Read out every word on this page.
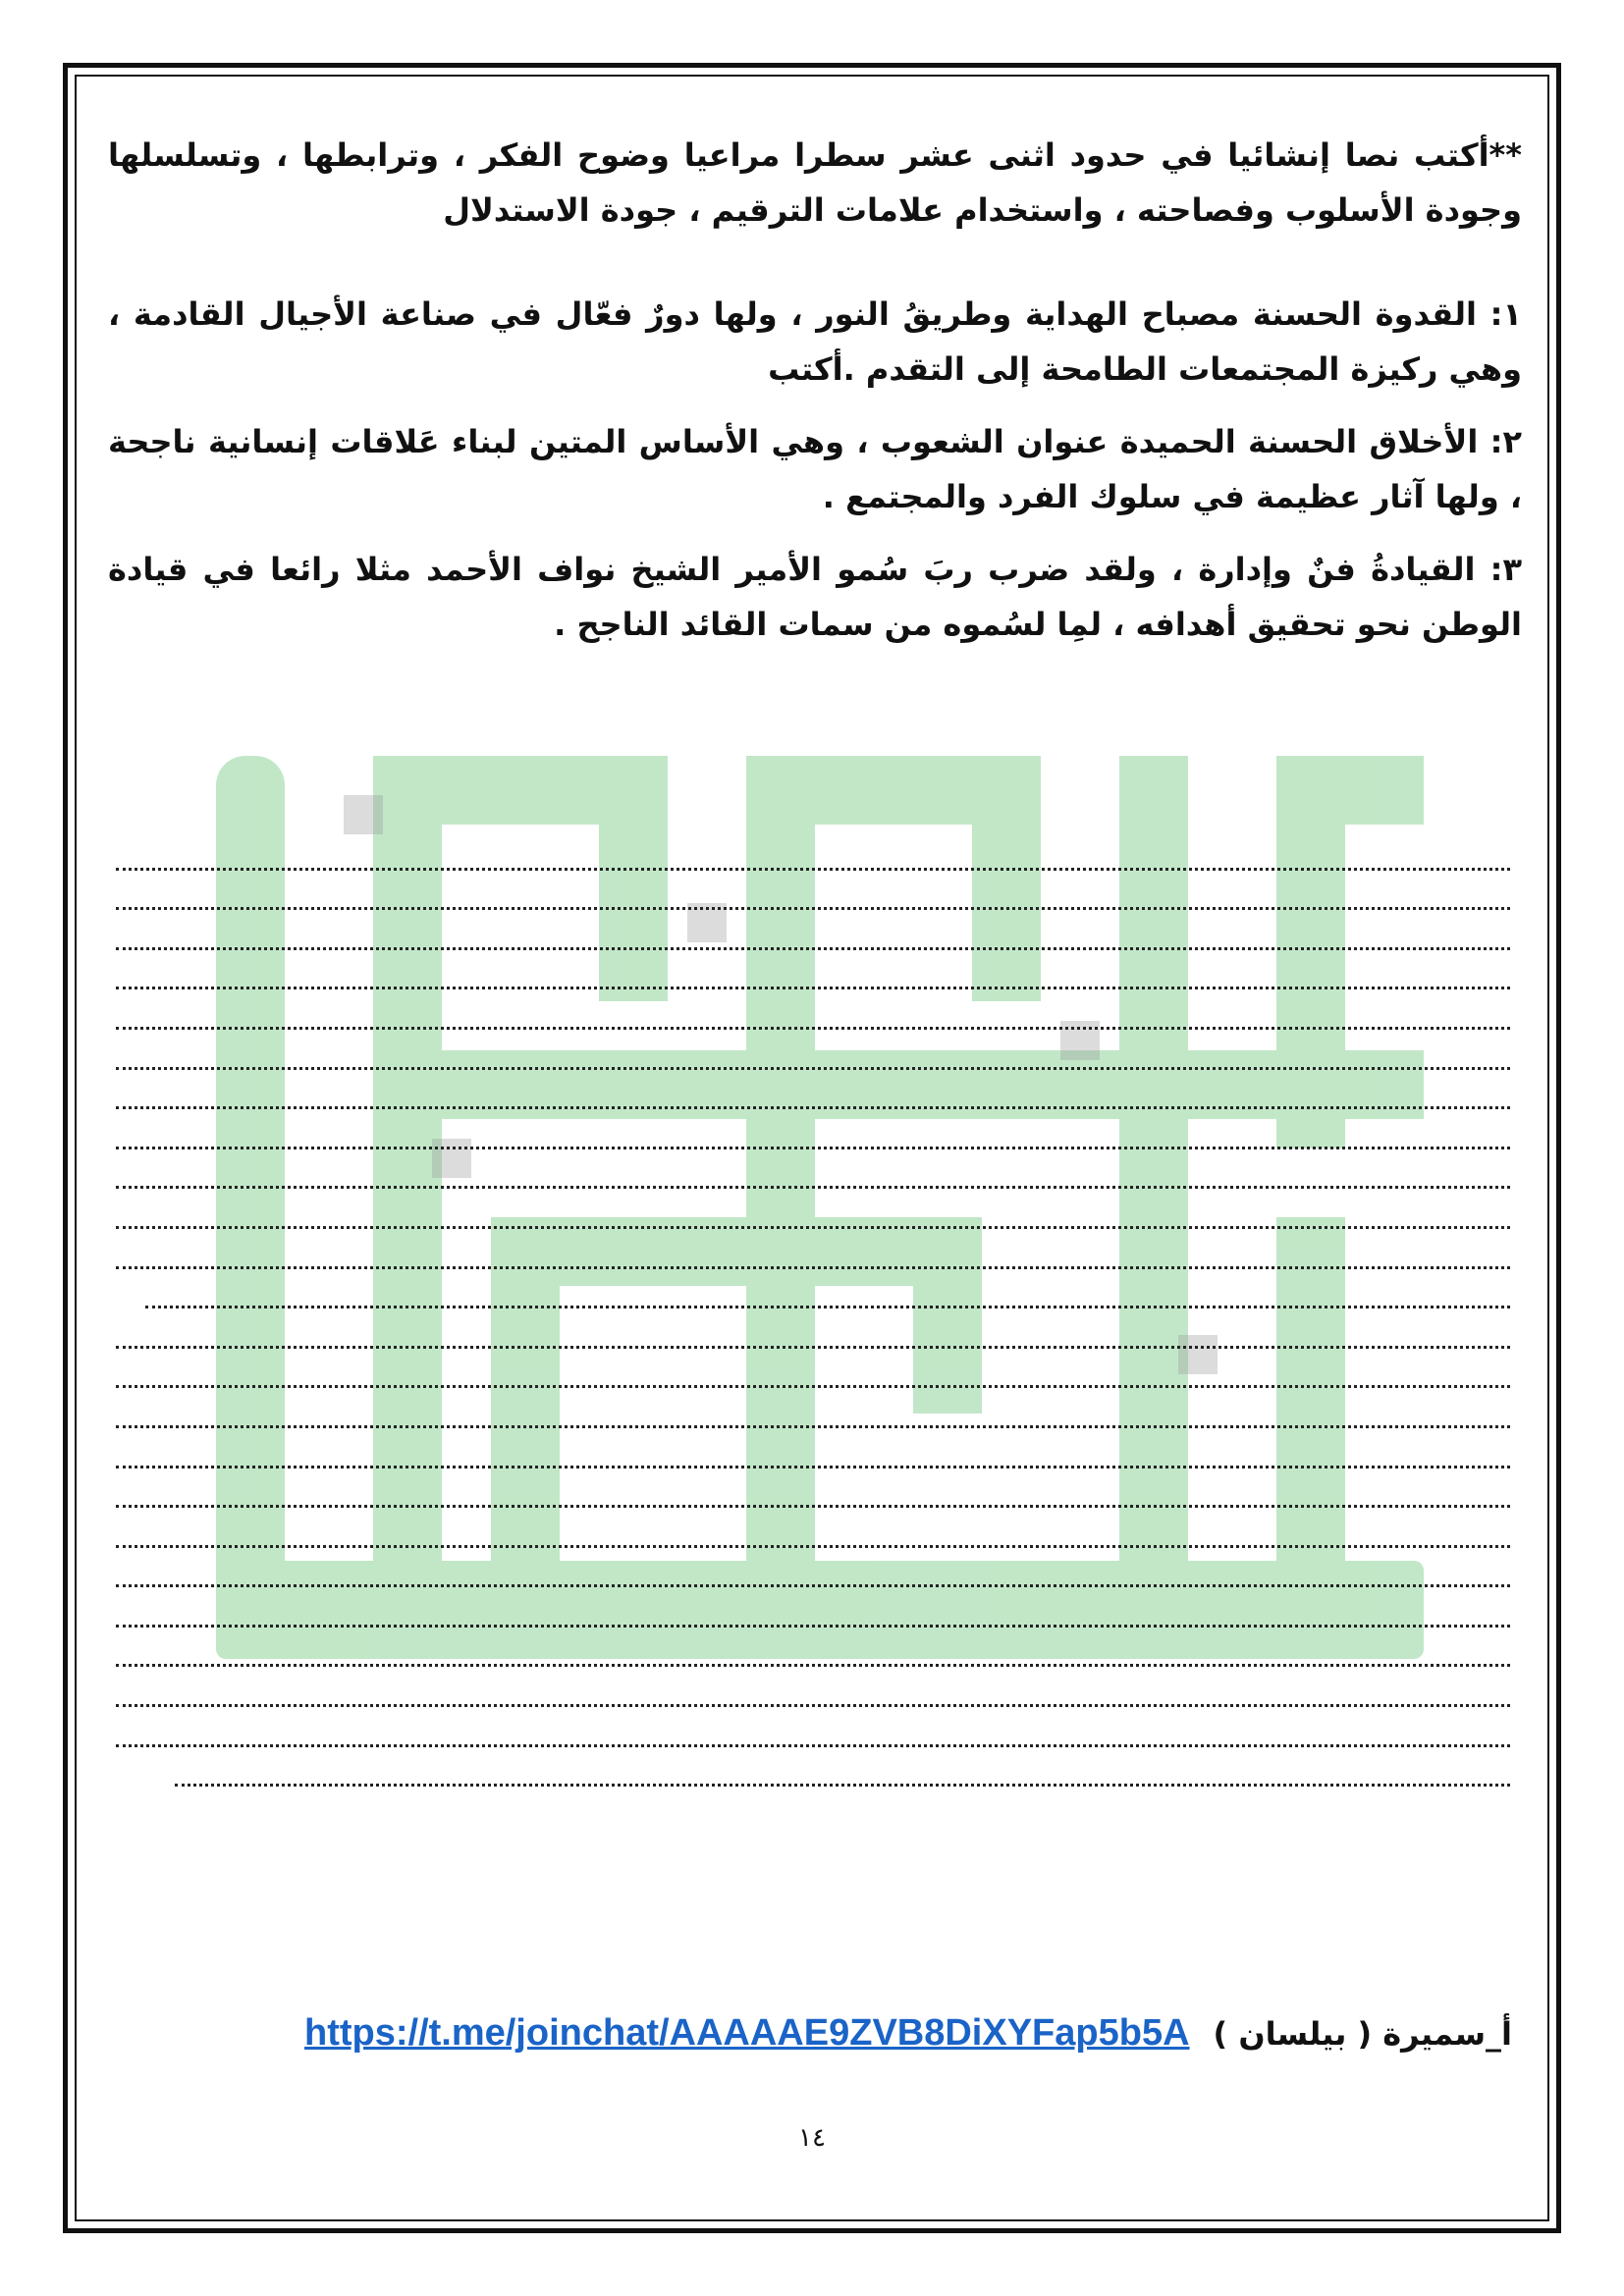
**أكتب نصا إنشائيا في حدود اثنى عشر سطرا مراعيا وضوح الفكر ، وترابطها ، وتسلسلها وجودة الأسلوب وفصاحته ، واستخدام علامات الترقيم ، جودة الاستدلال

١: القدوة الحسنة مصباح الهداية وطريقُ النور ، ولها دورٌ فعّال في صناعة الأجيال القادمة ، وهي ركيزة المجتمعات الطامحة إلى التقدم .أكتب

٢: الأخلاق الحسنة الحميدة عنوان الشعوب ، وهي الأساس المتين لبناء عَلاقات إنسانية ناجحة ، ولها آثار عظيمة في سلوك الفرد والمجتمع .

٣: القيادةُ فنٌ وإدارة ، ولقد ضرب ربَ سُمو الأمير الشيخ نواف الأحمد مثلا رائعا في قيادة الوطن نحو تحقيق أهدافه ، لمِا لسُموه من سمات القائد الناجح .

https://t.me/joinchat/AAAAAE9ZVB8DiXYFap5b5A أ_سميرة ( بيلسان )
١٤
